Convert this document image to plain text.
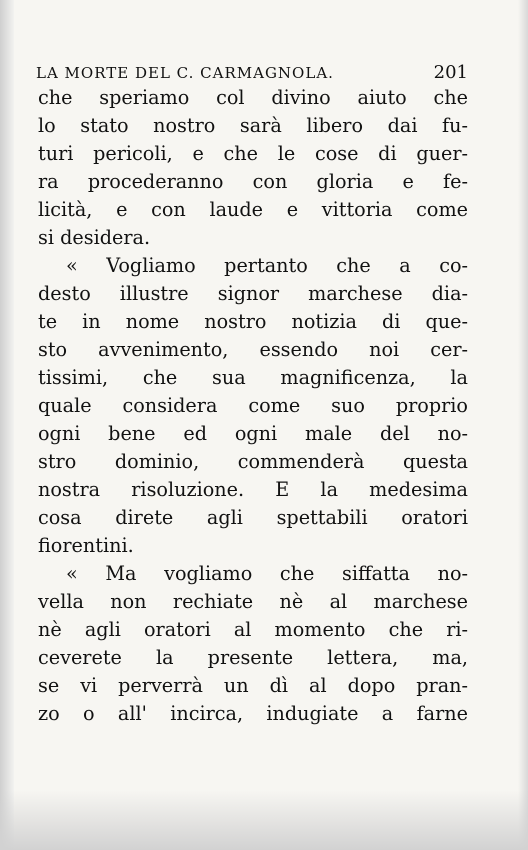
LA MORTE DEL C. CARMAGNOLA.	201
che speriamo col divino aiuto che
lo stato nostro sarà libero dai fu-
turi pericoli, e che le cose di guer-
ra procederanno con gloria e fe-
licità, e con laude e vittoria come
si desidera.
« Vogliamo pertanto che a co-
desto illustre signor marchese dia-
te in nome nostro notizia di que-
sto avvenimento, essendo noi cer-
tissimi, che sua magnificenza, la
quale considera come suo proprio
ogni bene ed ogni male del no-
stro dominio, commenderà questa
nostra risoluzione. E la medesima
cosa direte agli spettabili oratori
fiorentini.
« Ma vogliamo che siffatta no-
vella non rechiate nè al marchese
nè agli oratori al momento che ri-
ceverete la presente lettera, ma,
se vi perverrà un dì al dopo pran-
zo o all' incirca, indugiate a farne
